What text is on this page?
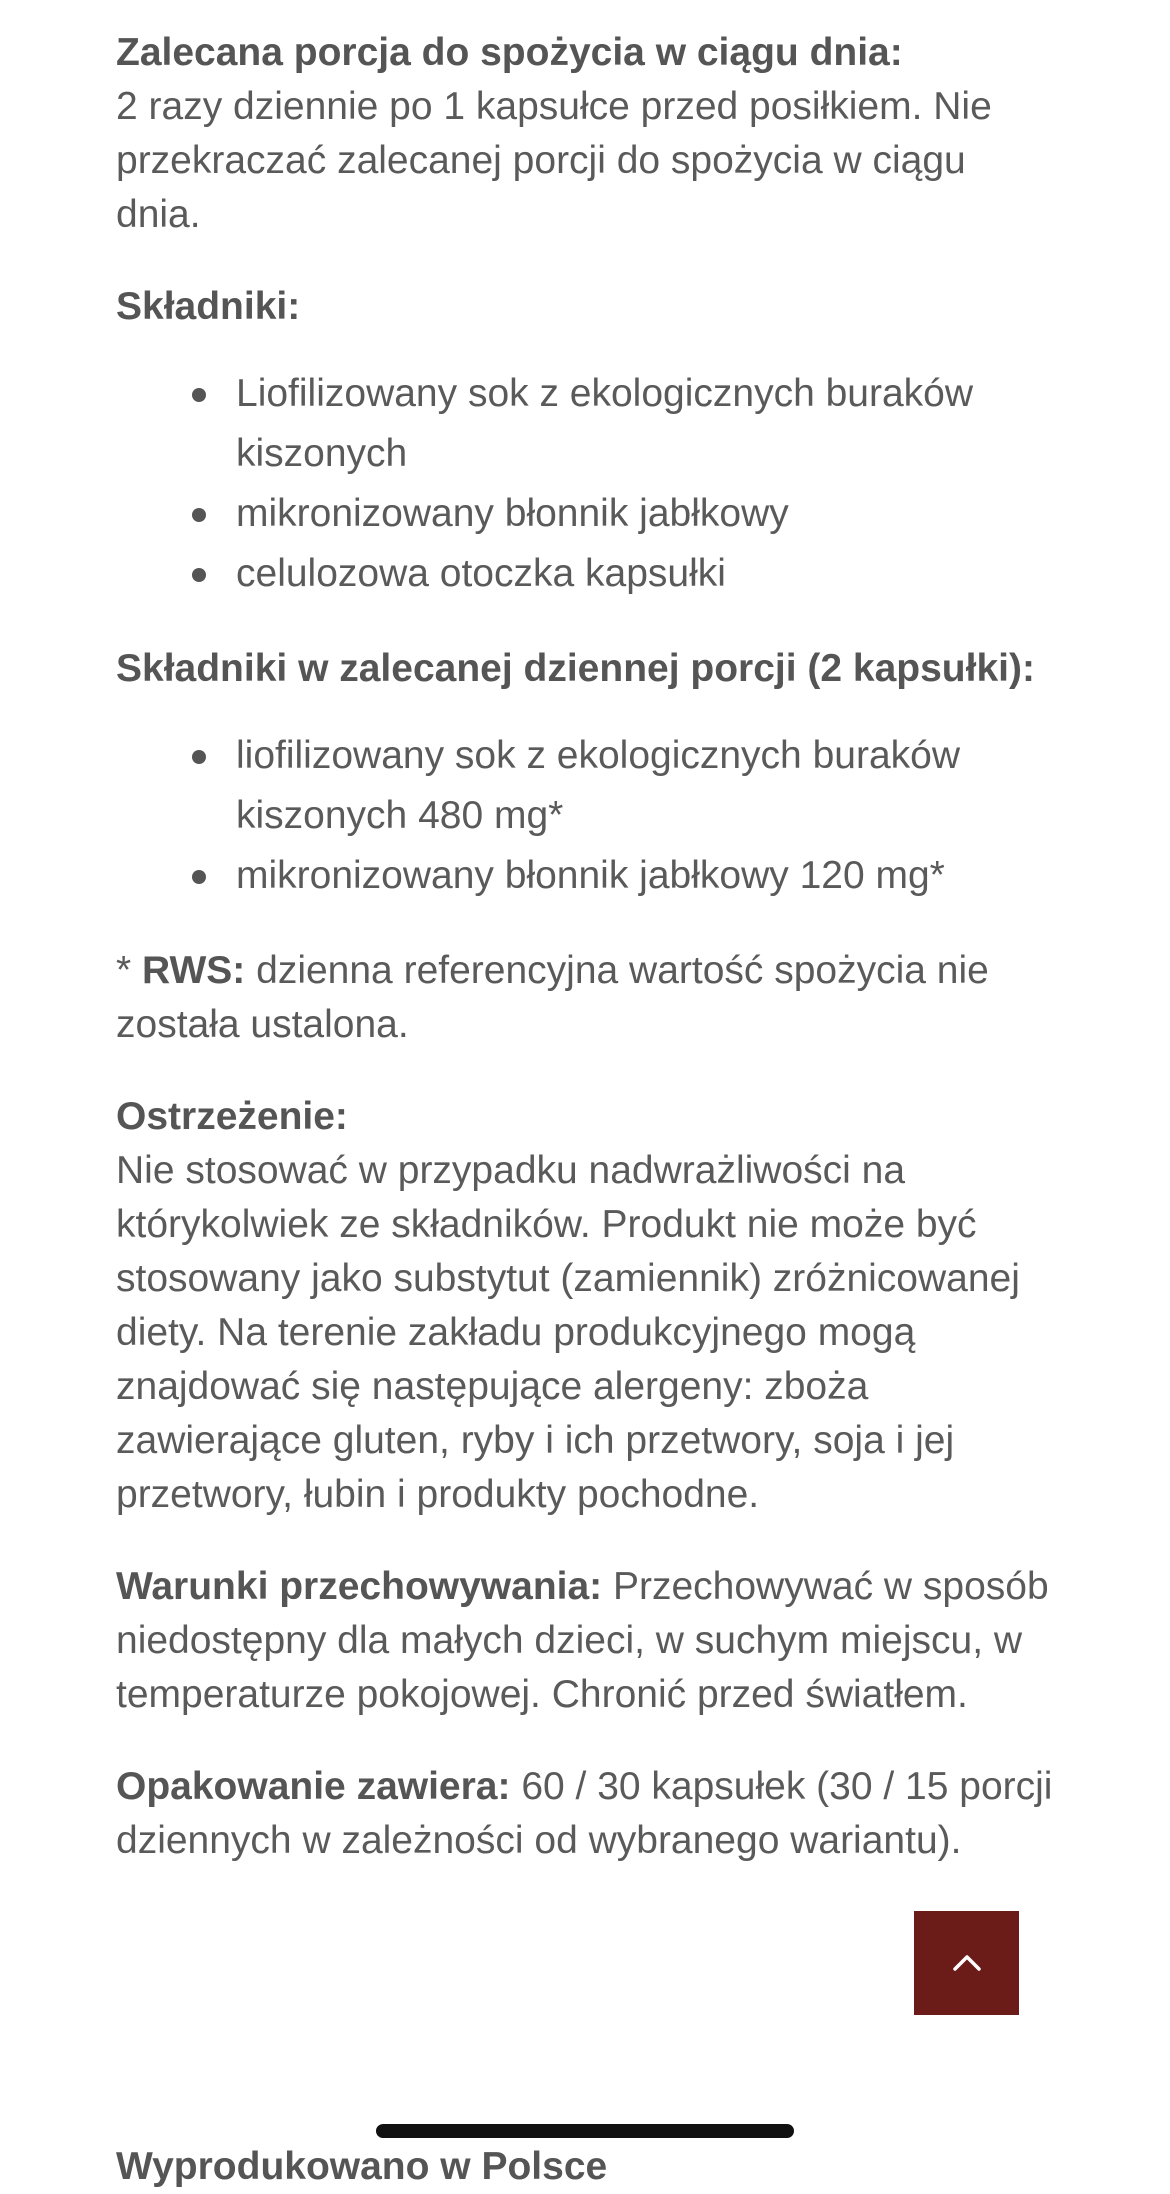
Zalecana porcja do spożycia w ciągu dnia:

2 razy dziennie po 1 kapsułce przed posiłkiem. Nie przekraczać zalecanej porcji do spożycia w ciągu dnia.

Składniki:

Liofilizowany sok z ekologicznych buraków kiszonych
mikronizowany błonnik jabłkowy
celulozowa otoczka kapsułki

Składniki w zalecanej dziennej porcji (2 kapsułki):

liofilizowany sok z ekologicznych buraków kiszonych 480 mg*
mikronizowany błonnik jabłkowy 120 mg*

* RWS: dzienna referencyjna wartość spożycia nie została ustalona.

Ostrzeżenie:

Nie stosować w przypadku nadwrażliwości na którykolwiek ze składników. Produkt nie może być stosowany jako substytut (zamiennik) zróżnicowanej diety. Na terenie zakładu produkcyjnego mogą znajdować się następujące alergeny: zboża zawierające gluten, ryby i ich przetwory, soja i jej przetwory, łubin i produkty pochodne.

Warunki przechowywania: Przechowywać w sposób niedostępny dla małych dzieci, w suchym miejscu, w temperaturze pokojowej. Chronić przed światłem.

Opakowanie zawiera: 60 / 30 kapsułek (30 / 15 porcji dziennych w zależności od wybranego wariantu).

Wyprodukowano w Polsce
